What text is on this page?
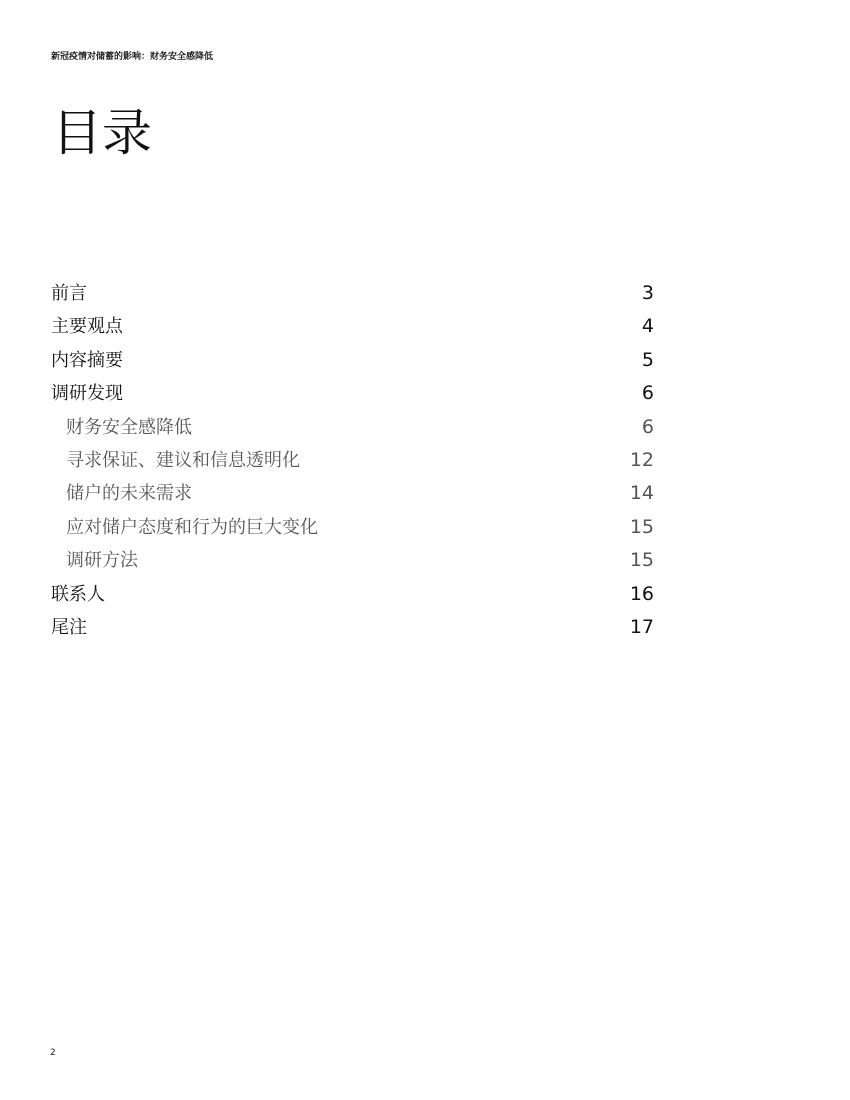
新冠疫情对储蓄的影响：财务安全感降低
目录
前言	3
主要观点	4
内容摘要	5
调研发现	6
财务安全感降低	6
寻求保证、建议和信息透明化	12
储户的未来需求	14
应对储户态度和行为的巨大变化	15
调研方法	15
联系人	16
尾注	17
2
